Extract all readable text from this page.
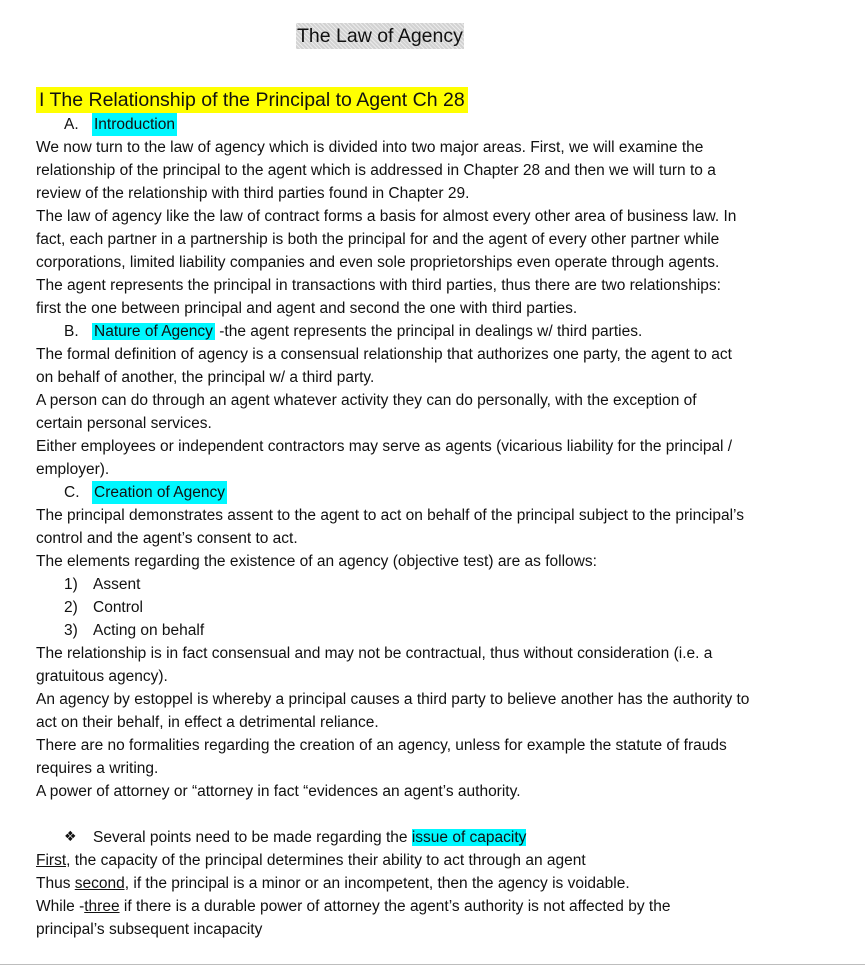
The Law of Agency
I The Relationship of the Principal to Agent Ch 28
A. Introduction
We now turn to the law of agency which is divided into two major areas. First, we will examine the
relationship of the principal to the agent which is addressed in Chapter 28 and then we will turn to a
review of the relationship with third parties found in Chapter 29.
The law of agency like the law of contract forms a basis for almost every other area of business law. In
fact, each partner in a partnership is both the principal for and the agent of every other partner while
corporations, limited liability companies and even sole proprietorships even operate through agents.
The agent represents the principal in transactions with third parties, thus there are two relationships:
first the one between principal and agent and second the one with third parties.
B. Nature of Agency -the agent represents the principal in dealings w/ third parties.
The formal definition of agency is a consensual relationship that authorizes one party, the agent to act
on behalf of another, the principal w/ a third party.
A person can do through an agent whatever activity they can do personally, with the exception of
certain personal services.
Either employees or independent contractors may serve as agents (vicarious liability for the principal /
employer).
C. Creation of Agency
The principal demonstrates assent to the agent to act on behalf of the principal subject to the principal’s
control and the agent’s consent to act.
The elements regarding the existence of an agency (objective test) are as follows:
1) Assent
2) Control
3) Acting on behalf
The relationship is in fact consensual and may not be contractual, thus without consideration (i.e. a
gratuitous agency).
An agency by estoppel is whereby a principal causes a third party to believe another has the authority to
act on their behalf, in effect a detrimental reliance.
There are no formalities regarding the creation of an agency, unless for example the statute of frauds
requires a writing.
A power of attorney or “attorney in fact “evidences an agent’s authority.
❖ Several points need to be made regarding the issue of capacity
First, the capacity of the principal determines their ability to act through an agent
Thus second, if the principal is a minor or an incompetent, then the agency is voidable.
While -three if there is a durable power of attorney the agent’s authority is not affected by the
principal’s subsequent incapacity
